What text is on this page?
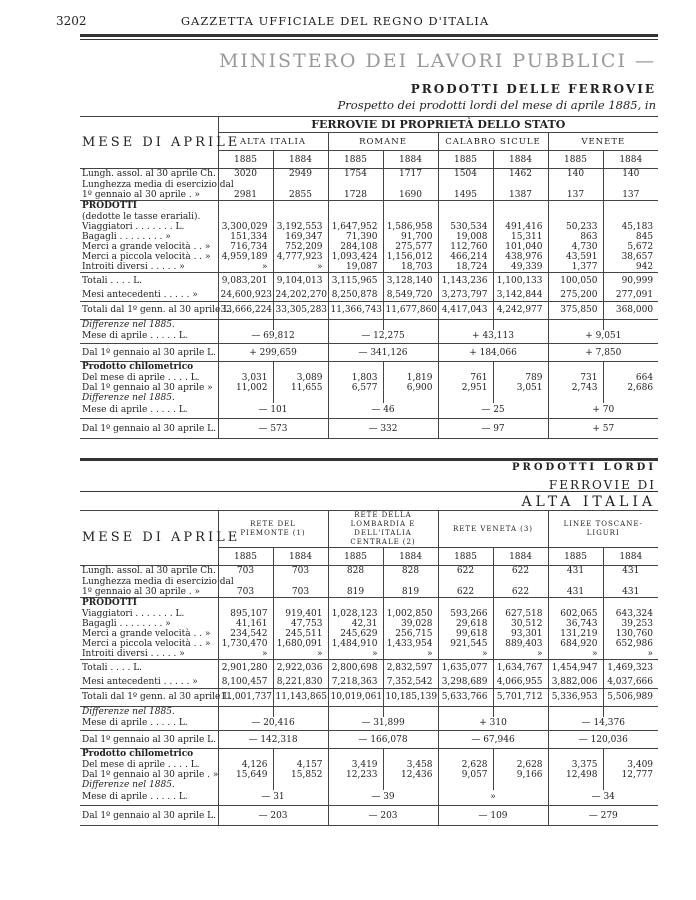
3202	GAZZETTA UFFICIALE DEL REGNO D'ITALIA
MINISTERO DEI LAVORI PUBBLICI —
PRODOTTI DELLE FERROVIE
Prospetto dei prodotti lordi del mese di aprile 1885, in
MESE DI APRILE	FERROVIE DI PROPRIETÀ DELLO STATO							
	ALTA ITALIA		ROMANE		CALABRO SICULE		VENETE	
	1885	1884	1885	1884	1885	1884	1885	1884
Lungh. assol. al 30 aprile Ch.	3020	2949	1754	1717	1504	1462	140	140
Lunghezza media di esercizio dal								
1º gennaio al 30 aprile . »	2981	2855	1728	1690	1495	1387	137	137
PRODOTTI								
(dedotte le tasse erariali).								
Viaggiatori . . . . . . . L.	3,300,029	3,192,553	1,647,952	1,586,958	530,534	491,416	50,233	45,183
Bagagli . . . . . . . . »	151,334	169,347	71,390	91,700	19,008	15,311	863	845
Merci a grande velocità . . »	716,734	752,209	284,108	275,577	112,760	101,040	4,730	5,672
Merci a piccola velocità . . »	4,959,189	4,777,923	1,093,424	1,156,012	466,214	438,976	43,591	38,657
Introiti diversi . . . . . »	»	»	19,087	18,703	18,724	49,339	1,377	942
Totali . . . . L.	9,083,201	9,104,013	3,115,965	3,128,140	1,143,236	1,100,133	100,050	90,999
Mesi antecedenti . . . . . »	24,600,923	24,202,270	8,250,878	8,549,720	3,273,797	3,142,844	275,200	277,091
Totali dal 1º genn. al 30 aprile L.	33,666,224	33,305,283	11,366,743	11,677,860	4,417,043	4,242,977	375,850	368,000
Differenze nel 1885.								
Mese di aprile . . . . . L.	— 69,812		— 12,275		+ 43,113		+ 9,051	
Dal 1º gennaio al 30 aprile L.	+ 299,659		— 341,126		+ 184,066		+ 7,850	
Prodotto chilometrico								
Del mese di aprile . . . . L.	3,031	3,089	1,803	1,819	761	789	731	664
Dal 1º gennaio al 30 aprile »	11,002	11,655	6,577	6,900	2,951	3,051	2,743	2,686
Differenze nel 1885.								
Mese di aprile . . . . . L.	— 101		— 46		— 25		+ 70	
Dal 1º gennaio al 30 aprile L.	— 573		— 332		— 97		+ 57	
PRODOTTI LORDI
FERROVIE DI
ALTA ITALIA
MESE DI APRILE	RETE DEL PIEMONTE (1)		RETE DELLA LOMBARDIA E DELL'ITALIA CENTRALE (2)		RETE VENETA (3)		LINEE TOSCANE-LIGURI	
	1885	1884	1885	1884	1885	1884	1885	1884
Lungh. assol. al 30 aprile Ch.	703	703	828	828	622	622	431	431
Lunghezza media di esercizio dal								
1º gennaio al 30 aprile . »	703	703	819	819	622	622	431	431
PRODOTTI								
Viaggiatori . . . . . . . L.	895,107	919,401	1,028,123	1,002,850	593,266	627,518	602,065	643,324
Bagagli . . . . . . . . »	41,161	47,753	42,31	39,028	29,618	30,512	36,743	39,253
Merci a grande velocità . . »	234,542	245,511	245,629	256,715	99,618	93,301	131,219	130,760
Merci a piccola velocità . . »	1,730,470	1,680,091	1,484,910	1,433,954	921,545	889,403	684,920	652,986
Introiti diversi . . . . . »	»	»	»	»	»	»	»	»
Totali . . . . L.	2,901,280	2,922,036	2,800,698	2,832,597	1,635,077	1,634,767	1,454,947	1,469,323
Mesi antecedenti . . . . . »	8,100,457	8,221,830	7,218,363	7,352,542	3,298,689	4,066,955	3,882,006	4,037,666
Totali dal 1º genn. al 30 aprile L.	11,001,737	11,143,865	10,019,061	10,185,139	5,633,766	5,701,712	5,336,953	5,506,989
Differenze nel 1885.								
Mese di aprile . . . . . L.	— 20,416		— 31,899		+ 310		— 14,376	
Dal 1º gennaio al 30 aprile L.	— 142,318		— 166,078		— 67,946		— 120,036	
Prodotto chilometrico								
Del mese di aprile . . . . L.	4,126	4,157	3,419	3,458	2,628	2,628	3,375	3,409
Dal 1º gennaio al 30 aprile . »	15,649	15,852	12,233	12,436	9,057	9,166	12,498	12,777
Differenze nel 1885.								
Mese di aprile . . . . . L.	— 31		— 39		»		— 34	
Dal 1º gennaio al 30 aprile L.	— 203		— 203		— 109		— 279	
